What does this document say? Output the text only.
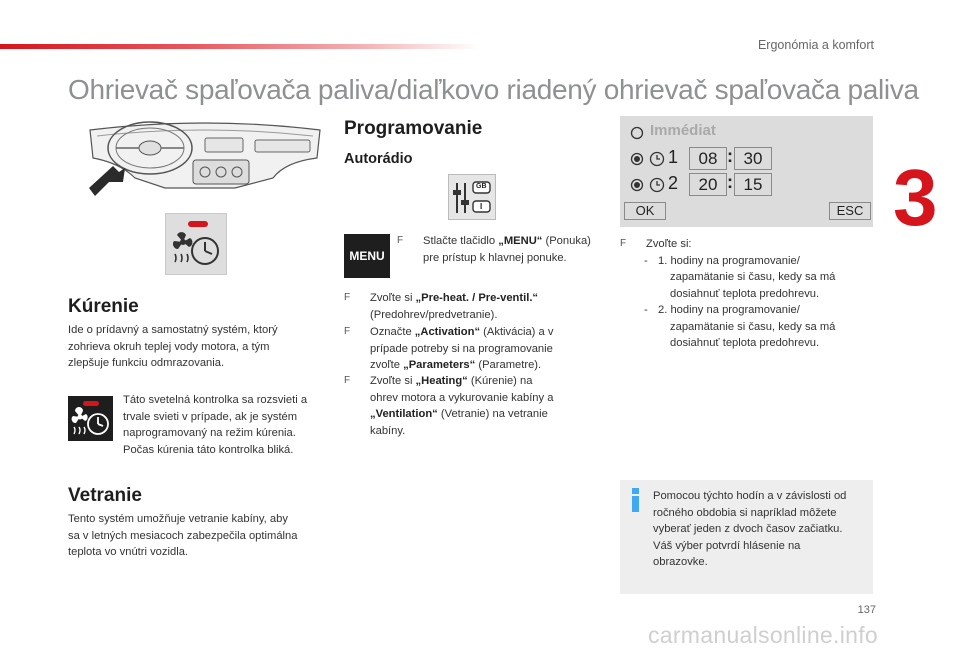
Ergonómia a komfort
Ohrievač spaľovača paliva/diaľkovo riadený ohrievač spaľovača paliva
3
Kúrenie
Ide o prídavný a samostatný systém, ktorý
zohrieva okruh teplej vody motora, a tým
zlepšuje funkciu odmrazovania.
Táto svetelná kontrolka sa rozsvieti a
trvale svieti v prípade, ak je systém
naprogramovaný na režim kúrenia.
Počas kúrenia táto kontrolka bliká.
Vetranie
Tento systém umožňuje vetranie kabíny, aby
sa v letných mesiacoch zabezpečila optimálna
teplota vo vnútri vozidla.
Programovanie
Autorádio
GB
I
MENU
F Stlačte tlačidlo „MENU“ (Ponuka)
pre prístup k hlavnej ponuke.
F Zvoľte si „Pre-heat. / Pre-ventil.“
(Predohrev/predvetranie).
F Označte „Activation“ (Aktivácia) a v
prípade potreby si na programovanie
zvoľte „Parameters“ (Parametre).
F Zvoľte si „Heating“ (Kúrenie) na
ohrev motora a vykurovanie kabíny a
„Ventilation“ (Vetranie) na vetranie
kabíny.
Immédiat
1	08 : 30
2	20 : 15
OK	ESC
F Zvoľte si:
- 1. hodiny na programovanie/
zapamätanie si času, kedy sa má
dosiahnuť teplota predohrevu.
- 2. hodiny na programovanie/
zapamätanie si času, kedy sa má
dosiahnuť teplota predohrevu.
Pomocou týchto hodín a v závislosti od
ročného obdobia si napríklad môžete
vyberať jeden z dvoch časov začiatku.
Váš výber potvrdí hlásenie na
obrazovke.
137
carmanualsonline.info
